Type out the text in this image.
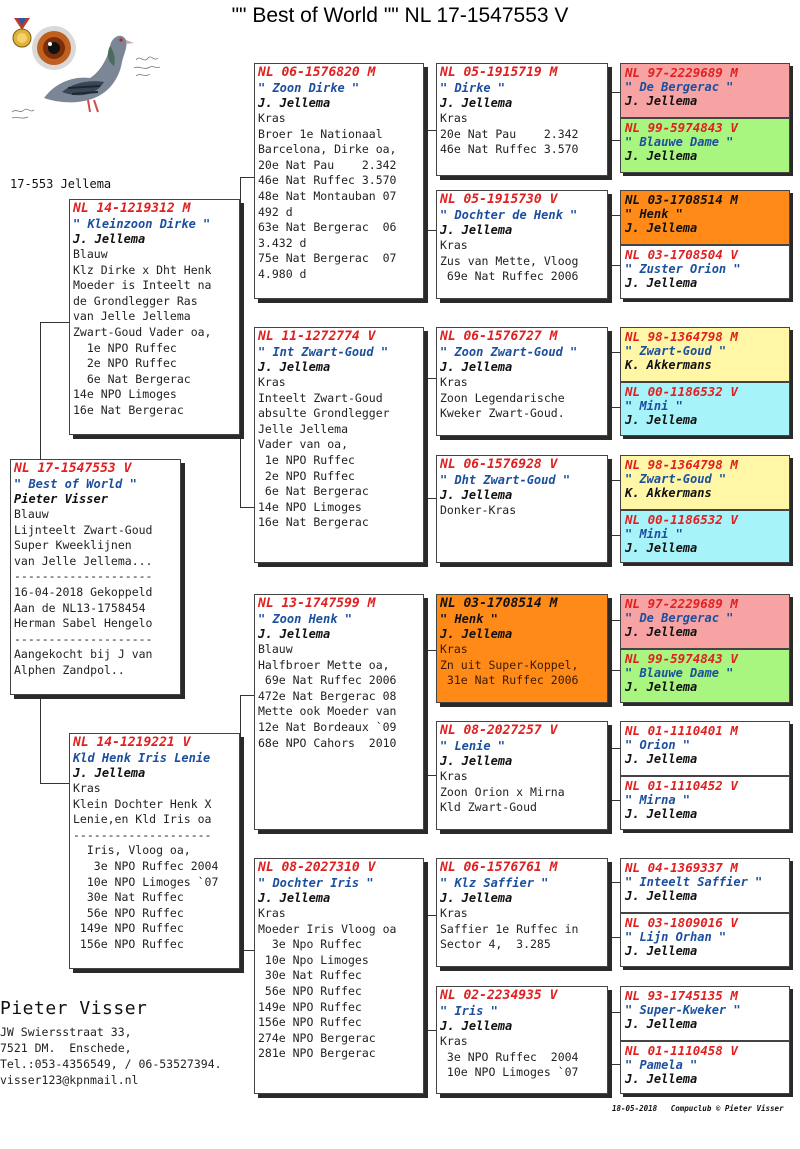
"" Best of World "" NL 17-1547553 V
17-553 Jellema
NL 17-1547553 V
" Best of World "
Pieter Visser
Blauw
Lijnteelt Zwart-Goud
Super Kweeklijnen
van Jelle Jellema...
--------------------
16-04-2018 Gekoppeld
Aan de NL13-1758454
Herman Sabel Hengelo
--------------------
Aangekocht bij J van
Alphen Zandpol..
NL 14-1219312 M
" Kleinzoon Dirke "
J. Jellema
Blauw
Klz Dirke x Dht Henk
Moeder is Inteelt na
de Grondlegger Ras
van Jelle Jellema
Zwart-Goud Vader oa,
1e NPO Ruffec
2e NPO Ruffec
6e Nat Bergerac
14e NPO Limoges
16e Nat Bergerac
NL 14-1219221 V
Kld Henk Iris Lenie
J. Jellema
Kras
Klein Dochter Henk X
Lenie,en Kld Iris oa
--------------------
Iris, Vloog oa,
3e NPO Ruffec 2004
10e NPO Limoges `07
30e Nat Ruffec
56e NPO Ruffec
149e NPO Ruffec
156e NPO Ruffec
NL 06-1576820 M
" Zoon Dirke "
J. Jellema
Kras
Broer 1e Nationaal
Barcelona, Dirke oa,
20e Nat Pau    2.342
46e Nat Ruffec 3.570
48e Nat Montauban 07
492 d
63e Nat Bergerac  06
3.432 d
75e Nat Bergerac  07
4.980 d
NL 11-1272774 V
" Int Zwart-Goud "
J. Jellema
Kras
Inteelt Zwart-Goud
absulte Grondlegger
Jelle Jellema
Vader van oa,
1e NPO Ruffec
2e NPO Ruffec
6e Nat Bergerac
14e NPO Limoges
16e Nat Bergerac
NL 13-1747599 M
" Zoon Henk "
J. Jellema
Blauw
Halfbroer Mette oa,
69e Nat Ruffec 2006
472e Nat Bergerac 08
Mette ook Moeder van
12e Nat Bordeaux `09
68e NPO Cahors  2010
NL 08-2027310 V
" Dochter Iris "
J. Jellema
Kras
Moeder Iris Vloog oa
3e Npo Ruffec
10e Npo Limoges
30e Nat Ruffec
56e NPO Ruffec
149e NPO Ruffec
156e NPO Ruffec
274e NPO Bergerac
281e NPO Bergerac
NL 05-1915719 M
" Dirke "
J. Jellema
Kras
20e Nat Pau    2.342
46e Nat Ruffec 3.570
NL 05-1915730 V
" Dochter de Henk "
J. Jellema
Kras
Zus van Mette, Vloog
69e Nat Ruffec 2006
NL 06-1576727 M
" Zoon Zwart-Goud "
J. Jellema
Kras
Zoon Legendarische
Kweker Zwart-Goud.
NL 06-1576928 V
" Dht Zwart-Goud "
J. Jellema
Donker-Kras
NL 03-1708514 M
" Henk "
J. Jellema
Kras
Zn uit Super-Koppel,
31e Nat Ruffec 2006
NL 08-2027257 V
" Lenie "
J. Jellema
Kras
Zoon Orion x Mirna
Kld Zwart-Goud
NL 06-1576761 M
" Klz Saffier "
J. Jellema
Kras
Saffier 1e Ruffec in
Sector 4,  3.285
NL 02-2234935 V
" Iris "
J. Jellema
Kras
3e NPO Ruffec  2004
10e NPO Limoges `07
NL 97-2229689 M
" De Bergerac "
J. Jellema
NL 99-5974843 V
" Blauwe Dame "
J. Jellema
NL 03-1708514 M
" Henk "
J. Jellema
NL 03-1708504 V
" Zuster Orion "
J. Jellema
NL 98-1364798 M
" Zwart-Goud "
K. Akkermans
NL 00-1186532 V
" Mini "
J. Jellema
NL 98-1364798 M
" Zwart-Goud "
K. Akkermans
NL 00-1186532 V
" Mini "
J. Jellema
NL 97-2229689 M
" De Bergerac "
J. Jellema
NL 99-5974843 V
" Blauwe Dame "
J. Jellema
NL 01-1110401 M
" Orion "
J. Jellema
NL 01-1110452 V
" Mirna "
J. Jellema
NL 04-1369337 M
" Inteelt Saffier "
J. Jellema
NL 03-1809016 V
" Lijn Orhan "
J. Jellema
NL 93-1745135 M
" Super-Kweker "
J. Jellema
NL 01-1110458 V
" Pamela "
J. Jellema
Pieter Visser
JW Swiersstraat 33,
7521 DM.  Enschede,
Tel.:053-4356549, / 06-53527394.
visser123@kpnmail.nl
18-05-2018   Compuclub © Pieter Visser
